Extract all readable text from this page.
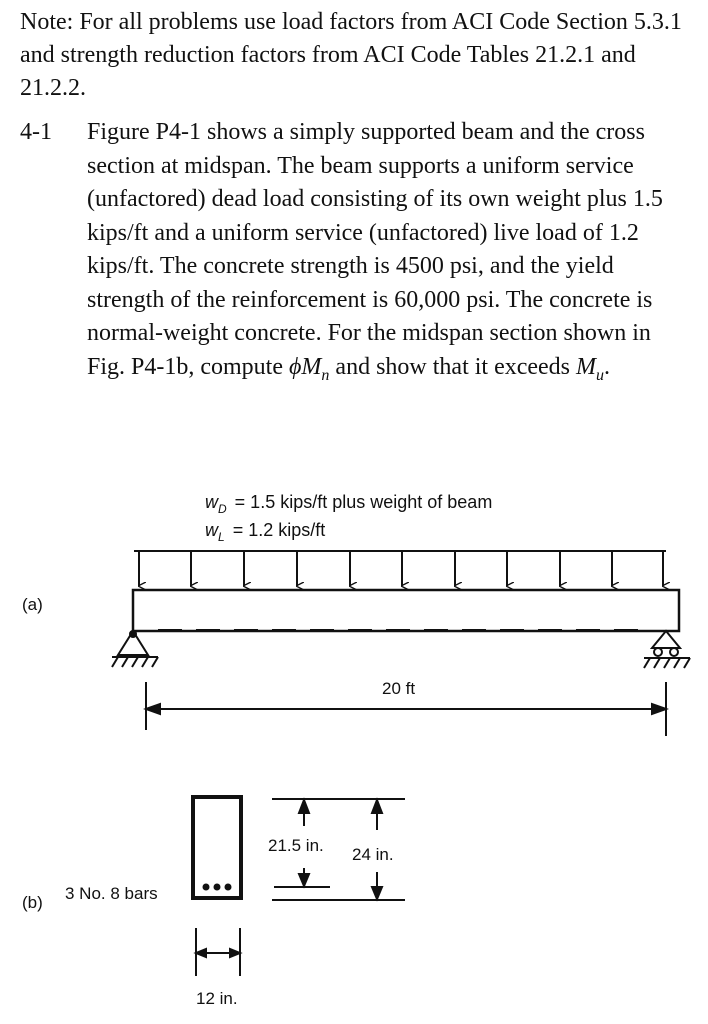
Note: For all problems use load factors from ACI Code Section 5.3.1 and strength reduction factors from ACI Code Tables 21.2.1 and 21.2.2.
4-1 Figure P4-1 shows a simply supported beam and the cross section at midspan. The beam supports a uniform service (unfactored) dead load consisting of its own weight plus 1.5 kips/ft and a uniform service (unfactored) live load of 1.2 kips/ft. The concrete strength is 4500 psi, and the yield strength of the reinforcement is 60,000 psi. The concrete is normal-weight concrete. For the midspan section shown in Fig. P4-1b, compute $\phi M_n$ and show that it exceeds $M_u$.
$w_D = 1.5$ kips/ft plus weight of beam
$w_L = 1.2$ kips/ft
(a)
20 ft
(b) 3 No. 8 bars
21.5 in. 24 in.
12 in.
